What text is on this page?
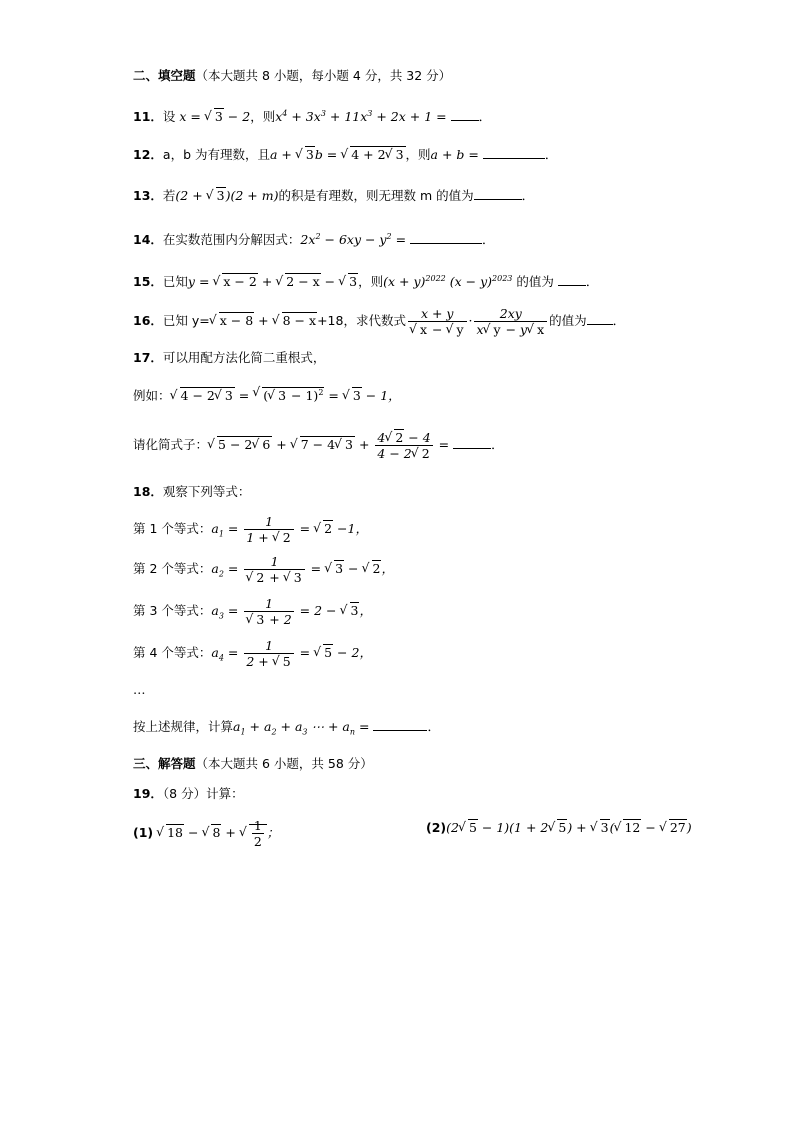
二、填空题（本大题共 8 小题，每小题 4 分，共 32 分）
11．设 x = √ 3 − 2，则$x^4 + 3x^3 + 11x^3 + 2x + 1$ = ．
12．a，b 为有理数，且a + √ 3b = √ 4 + 2 √ 3 ，则a + b =	．
13．若(2 + √ 3)(2 + m)的积是有理数，则无理数 m 的值为	．
14．在实数范围内分解因式：$2x^2 - 6xy - y^2$ =	．
15．已知y = √ x − 2 + √ 2 − x − √ 3，则$(x + y)^{2022}$ $(x - y)^{2023}$ 的值为	．
16．已知 y= √ x − 8 + √ 8 − x+18，求代数式 x + y
√ x − √ $y \cdot \frac{2xy}{x √ y - y √ x}$ 的值为 ．
17．可以用配方法化简二重根式，
例如： √ 4 − 2 √ 3 = √ ( √ 3 − 1)$^2$ = √ 3 − 1，
请化简式子： √ 5 − 2 √ 6 + √ 7 − 4 √ $3 + \frac{4 √ 2 - 4}{4 - 2 √ 2}$ =	．
18．观察下列等式：
第 1 个等式：$a_1 = \frac{1}{1 + √ 2}$ = √ 2 −1，
第 2 个等式：$a_2 = 1$
√ 2 + √ 3 = √ 3 − √ 2，
第 3 个等式：$a_3 = 1$
√ 3 + 2 = 2 − √ 3，
第 4 个等式：$a_4 = \frac{1}{2 + √ 5}$ = √ 5 − 2，
…
按上述规律，计算$a_1 + a_2 + a_3$ ⋯ + $a_n$ =	．
三、解答题（本大题共 6 小题，共 58 分）
19．（8 分）计算：
(1) √ 18 − √ 8 + √ $\frac{1}{2}$ ；	(2)(2 √ 5 − 1)(1 + 2 √ 5) + √ 3( √ 12 − √ 27)
